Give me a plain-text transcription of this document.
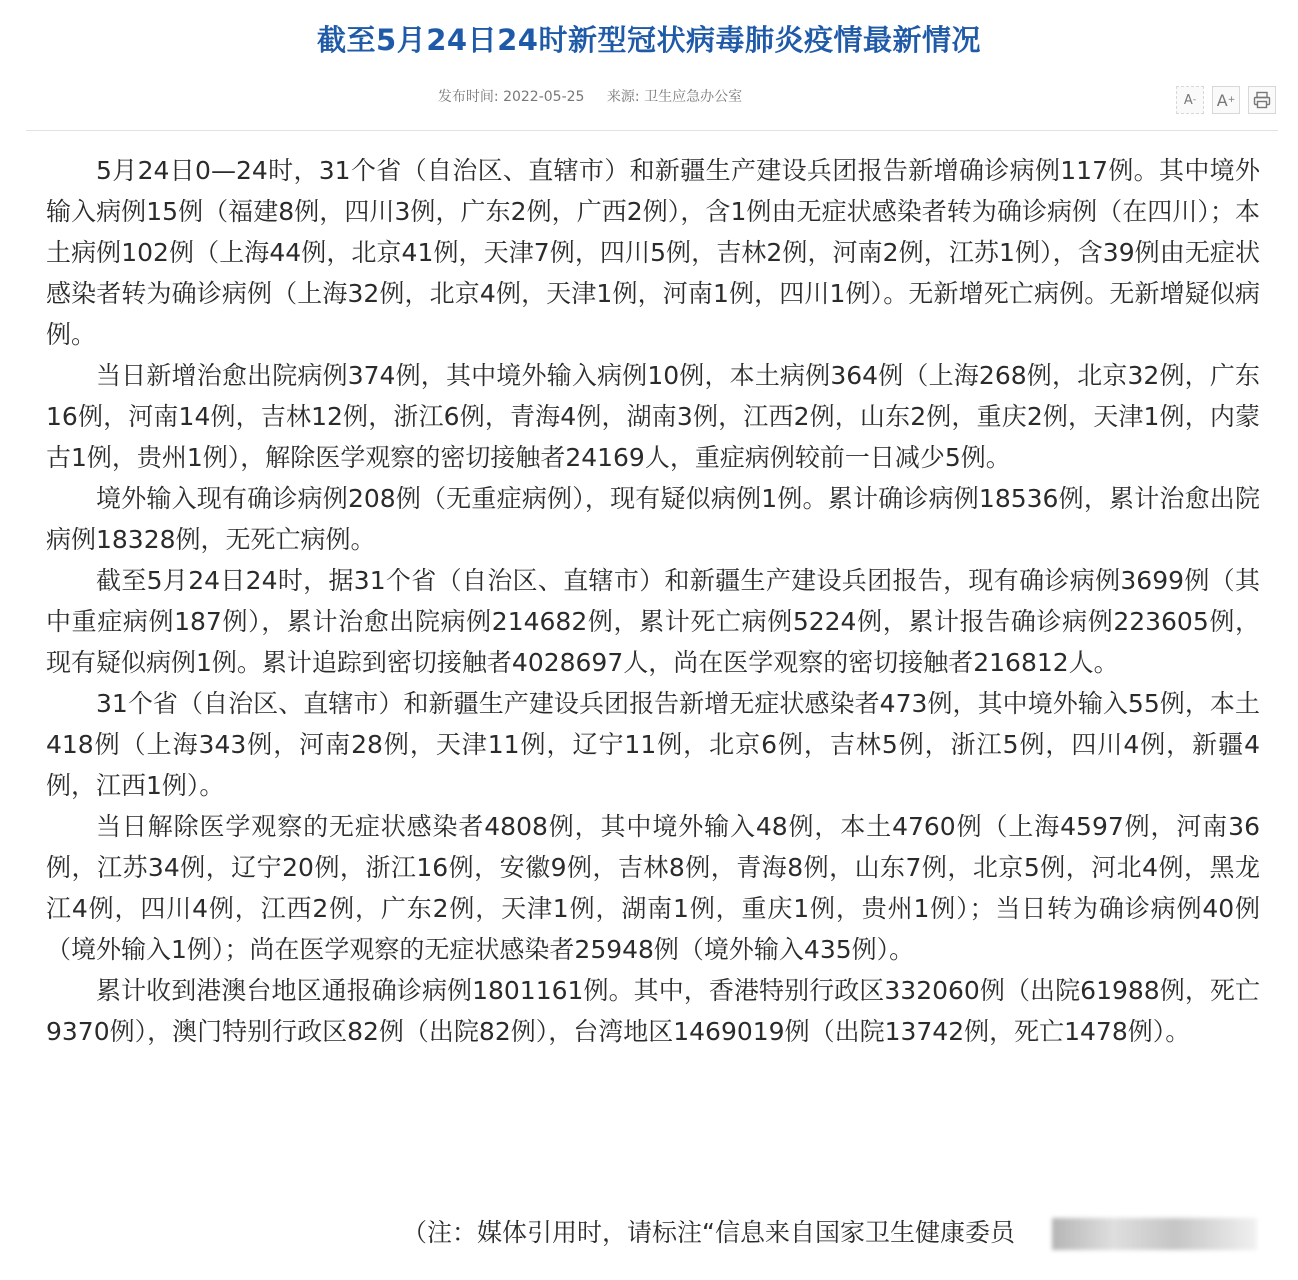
截至5月24日24时新型冠状病毒肺炎疫情最新情况
发布时间: 2022-05-25 来源: 卫生应急办公室	A - A +

5月24日0—24时，31个省（自治区、直辖市）和新疆生产建设兵团报告新增确诊病例117例。其中境外输入病例15例（福建8例，四川3例，广东2例，广西2例），含1例由无症状感染者转为确诊病例（在四川）；本土病例102例（上海44例，北京41例，天津7例，四川5例，吉林2例，河南2例，江苏1例），含39例由无症状感染者转为确诊病例（上海32例，北京4例，天津1例，河南1例，四川1例）。无新增死亡病例。无新增疑似病例。

当日新增治愈出院病例374例，其中境外输入病例10例，本土病例364例（上海268例，北京32例，广东16例，河南14例，吉林12例，浙江6例，青海4例，湖南3例，江西2例，山东2例，重庆2例，天津1例，内蒙古1例，贵州1例），解除医学观察的密切接触者24169人，重症病例较前一日减少5例。

境外输入现有确诊病例208例（无重症病例），现有疑似病例1例。累计确诊病例18536例，累计治愈出院病例18328例，无死亡病例。

截至5月24日24时，据31个省（自治区、直辖市）和新疆生产建设兵团报告，现有确诊病例3699例（其中重症病例187例），累计治愈出院病例214682例，累计死亡病例5224例，累计报告确诊病例223605例，现有疑似病例1例。累计追踪到密切接触者4028697人，尚在医学观察的密切接触者216812人。

31个省（自治区、直辖市）和新疆生产建设兵团报告新增无症状感染者473例，其中境外输入55例，本土418例（上海343例，河南28例，天津11例，辽宁11例，北京6例，吉林5例，浙江5例，四川4例，新疆4例，江西1例）。

当日解除医学观察的无症状感染者4808例，其中境外输入48例，本土4760例（上海4597例，河南36例，江苏34例，辽宁20例，浙江16例，安徽9例，吉林8例，青海8例，山东7例，北京5例，河北4例，黑龙江4例，四川4例，江西2例，广东2例，天津1例，湖南1例，重庆1例，贵州1例）；当日转为确诊病例40例（境外输入1例）；尚在医学观察的无症状感染者25948例（境外输入435例）。

累计收到港澳台地区通报确诊病例1801161例。其中，香港特别行政区332060例（出院61988例，死亡9370例），澳门特别行政区82例（出院82例），台湾地区1469019例（出院13742例，死亡1478例）。

（注：媒体引用时，请标注“信息来自国家卫生健康委员
